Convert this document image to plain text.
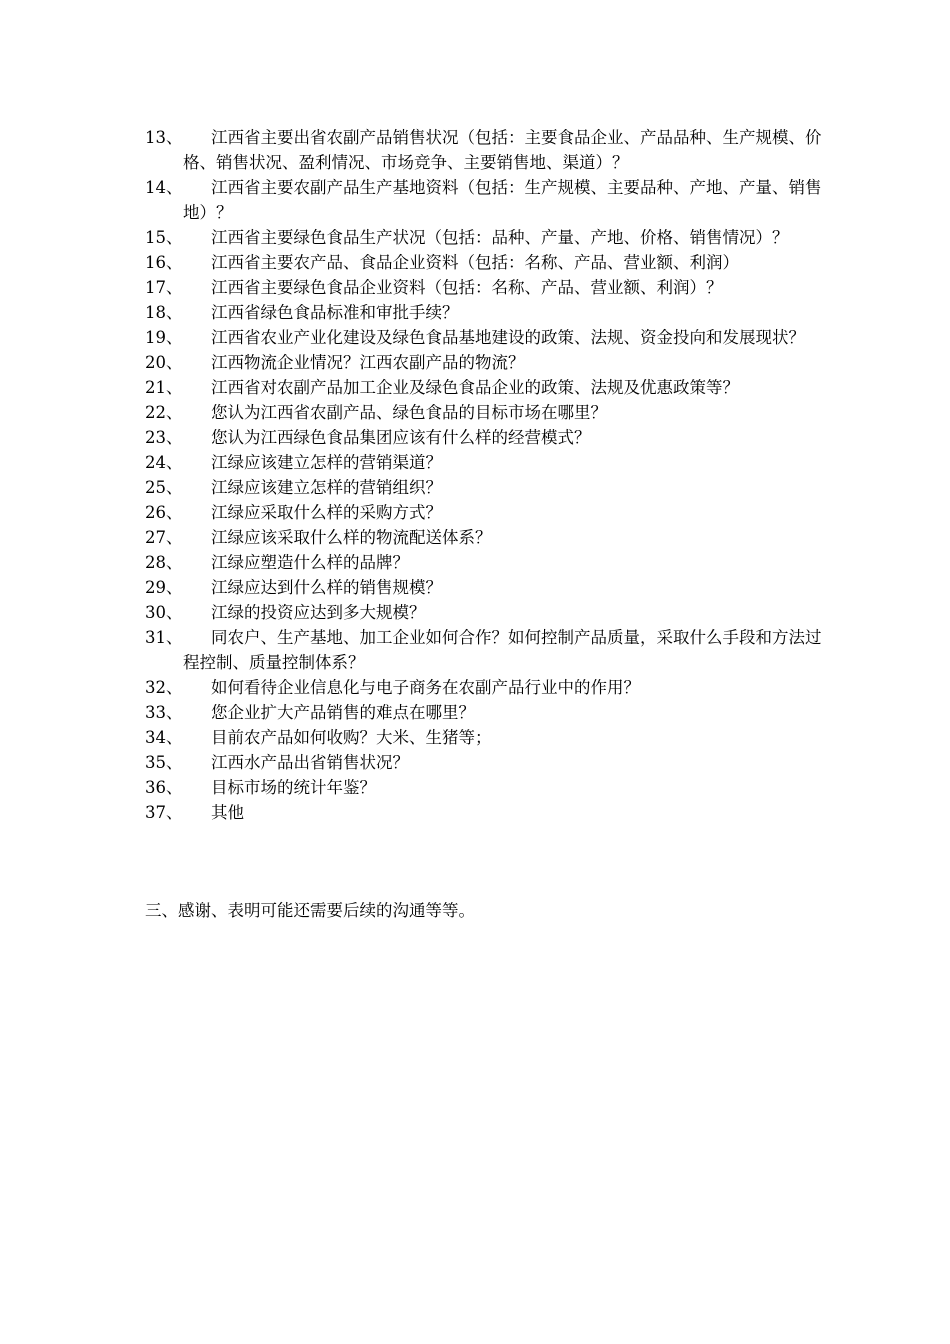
13、 江西省主要出省农副产品销售状况（包括：主要食品企业、产品品种、生产规模、价格、销售状况、盈利情况、市场竞争、主要销售地、渠道）？
14、 江西省主要农副产品生产基地资料（包括：生产规模、主要品种、产地、产量、销售地）？
15、 江西省主要绿色食品生产状况（包括：品种、产量、产地、价格、销售情况）？
16、 江西省主要农产品、食品企业资料（包括：名称、产品、营业额、利润）
17、 江西省主要绿色食品企业资料（包括：名称、产品、营业额、利润）？
18、 江西省绿色食品标准和审批手续？
19、 江西省农业产业化建设及绿色食品基地建设的政策、法规、资金投向和发展现状？
20、 江西物流企业情况？江西农副产品的物流？
21、 江西省对农副产品加工企业及绿色食品企业的政策、法规及优惠政策等？
22、 您认为江西省农副产品、绿色食品的目标市场在哪里？
23、 您认为江西绿色食品集团应该有什么样的经营模式？
24、 江绿应该建立怎样的营销渠道？
25、 江绿应该建立怎样的营销组织？
26、 江绿应采取什么样的采购方式？
27、 江绿应该采取什么样的物流配送体系？
28、 江绿应塑造什么样的品牌？
29、 江绿应达到什么样的销售规模？
30、 江绿的投资应达到多大规模？
31、 同农户、生产基地、加工企业如何合作？如何控制产品质量，采取什么手段和方法过程控制、质量控制体系？
32、 如何看待企业信息化与电子商务在农副产品行业中的作用？
33、 您企业扩大产品销售的难点在哪里？
34、 目前农产品如何收购？大米、生猪等；
35、 江西水产品出省销售状况？
36、 目标市场的统计年鉴？
37、 其他
三、感谢、表明可能还需要后续的沟通等等。
